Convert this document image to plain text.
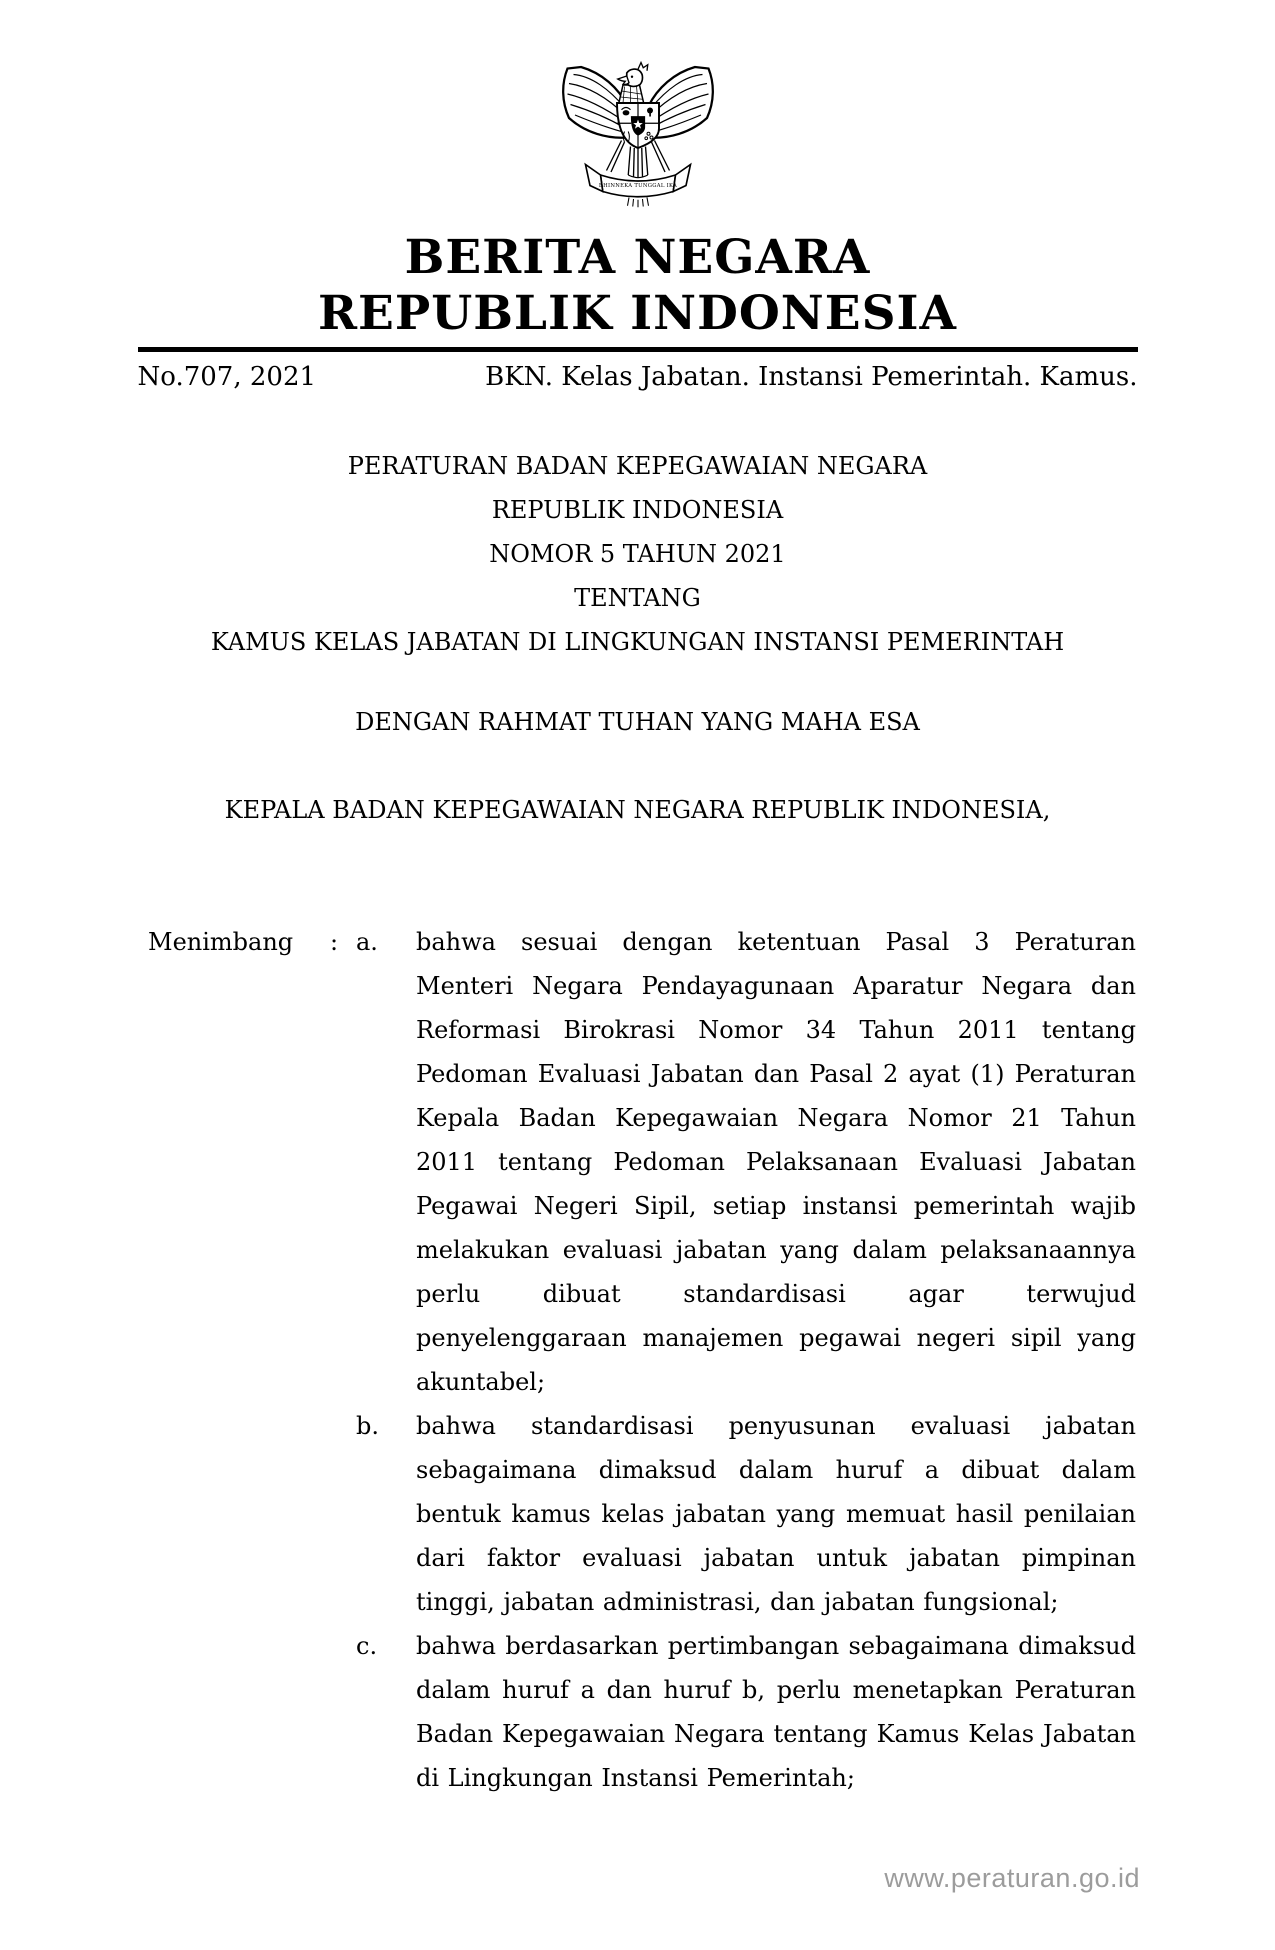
BHINNEKA TUNGGAL IKA
BERITA NEGARA
REPUBLIK INDONESIA
No.707, 2021	BKN. Kelas Jabatan. Instansi Pemerintah. Kamus.
PERATURAN BADAN KEPEGAWAIAN NEGARA
REPUBLIK INDONESIA
NOMOR 5 TAHUN 2021
TENTANG
KAMUS KELAS JABATAN DI LINGKUNGAN INSTANSI PEMERINTAH
DENGAN RAHMAT TUHAN YANG MAHA ESA
KEPALA BADAN KEPEGAWAIAN NEGARA REPUBLIK INDONESIA,
Menimbang	: a.	bahwa sesuai dengan ketentuan Pasal 3 Peraturan Menteri Negara Pendayagunaan Aparatur Negara dan Reformasi Birokrasi Nomor 34 Tahun 2011 tentang Pedoman Evaluasi Jabatan dan Pasal 2 ayat (1) Peraturan Kepala Badan Kepegawaian Negara Nomor 21 Tahun 2011 tentang Pedoman Pelaksanaan Evaluasi Jabatan Pegawai Negeri Sipil, setiap instansi pemerintah wajib melakukan evaluasi jabatan yang dalam pelaksanaannya perlu dibuat standardisasi agar terwujud penyelenggaraan manajemen pegawai negeri sipil yang akuntabel;
b.	bahwa standardisasi penyusunan evaluasi jabatan sebagaimana dimaksud dalam huruf a dibuat dalam bentuk kamus kelas jabatan yang memuat hasil penilaian dari faktor evaluasi jabatan untuk jabatan pimpinan tinggi, jabatan administrasi, dan jabatan fungsional;
c.	bahwa berdasarkan pertimbangan sebagaimana dimaksud dalam huruf a dan huruf b, perlu menetapkan Peraturan Badan Kepegawaian Negara tentang Kamus Kelas Jabatan di Lingkungan Instansi Pemerintah;
www.peraturan.go.id
